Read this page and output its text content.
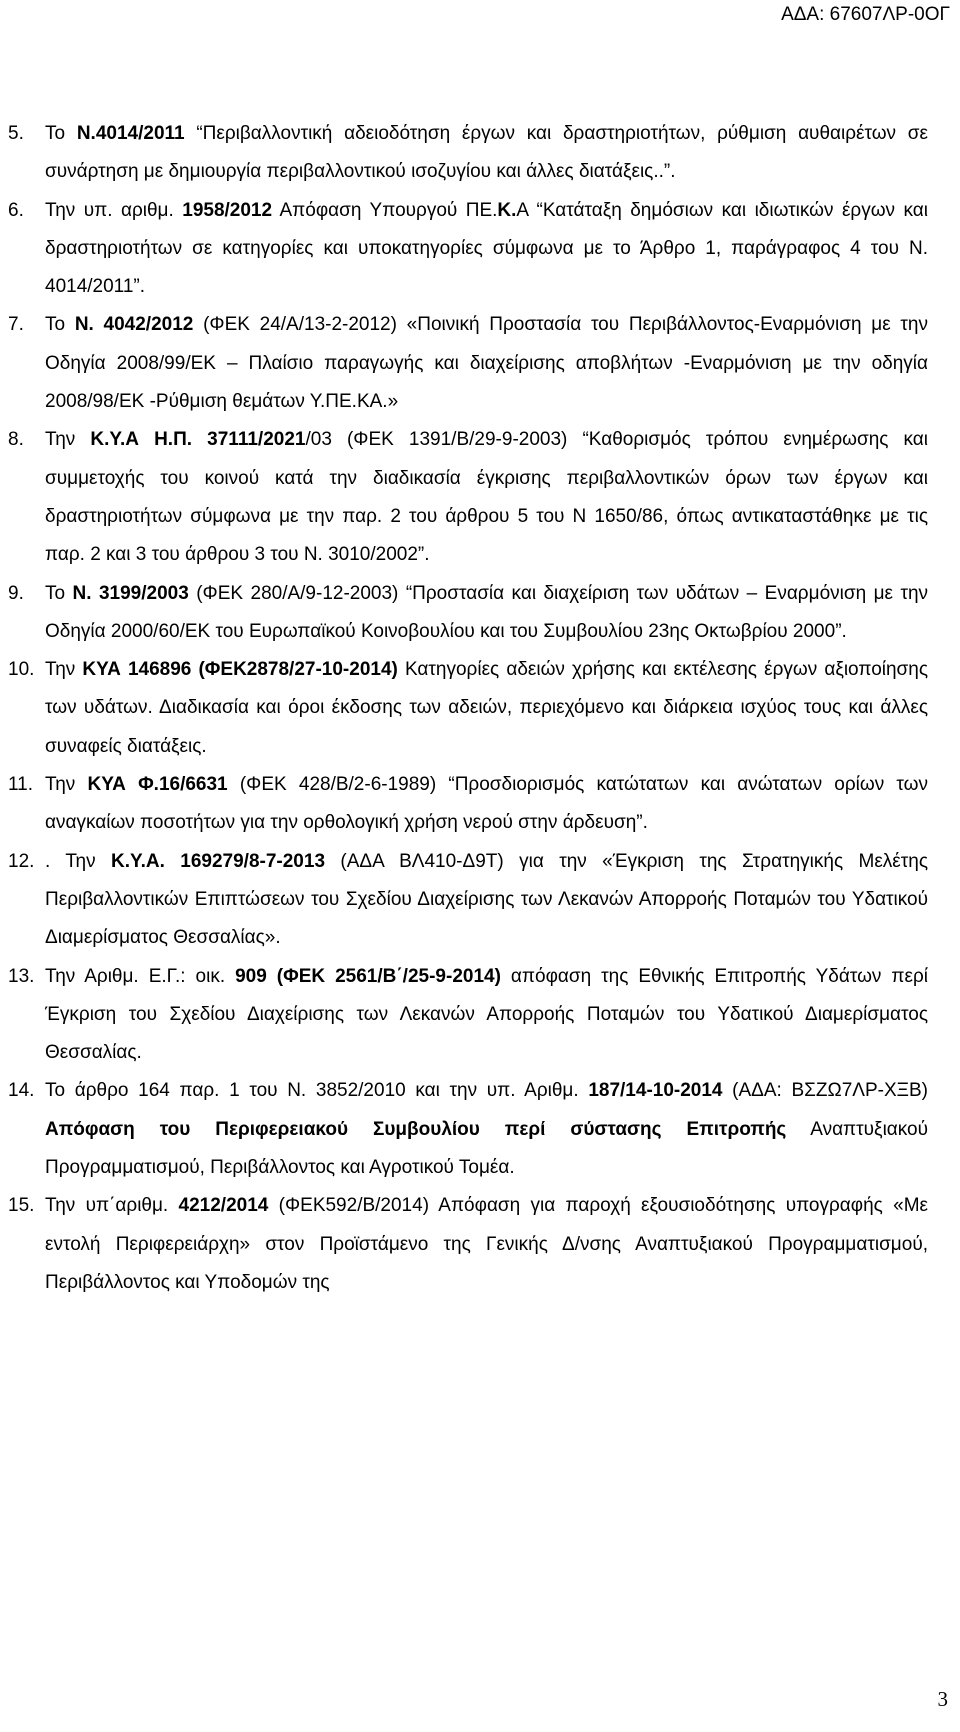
ΑΔΑ: 67607ΛΡ-0ΟΓ

5. Το Ν.4014/2011 “Περιβαλλοντική αδειοδότηση έργων και δραστηριοτήτων, ρύθμιση αυθαιρέτων σε συνάρτηση με δημιουργία περιβαλλοντικού ισοζυγίου και άλλες διατάξεις..”.

6. Την υπ. αριθμ. 1958/2012 Απόφαση Υπουργού ΠΕ.Κ.Α “Κατάταξη δημόσιων και ιδιωτικών έργων και δραστηριοτήτων σε κατηγορίες και υποκατηγορίες σύμφωνα με το Άρθρο 1, παράγραφος 4 του Ν. 4014/2011”.

7. Το Ν. 4042/2012 (ΦΕΚ 24/Α/13-2-2012) «Ποινική Προστασία του Περιβάλλοντος-Εναρμόνιση με την Οδηγία 2008/99/ΕΚ – Πλαίσιο παραγωγής και διαχείρισης αποβλήτων -Εναρμόνιση με την οδηγία 2008/98/ΕΚ -Ρύθμιση θεμάτων Υ.ΠΕ.ΚΑ.»

8. Την Κ.Υ.Α Η.Π. 37111/2021/03 (ΦΕΚ 1391/Β/29-9-2003) “Καθορισμός τρόπου ενημέρωσης και συμμετοχής του κοινού κατά την διαδικασία έγκρισης περιβαλλοντικών όρων των έργων και δραστηριοτήτων σύμφωνα με την παρ. 2 του άρθρου 5 του Ν 1650/86, όπως αντικαταστάθηκε με τις παρ. 2 και 3 του άρθρου 3 του Ν. 3010/2002”.

9. Το Ν. 3199/2003 (ΦΕΚ 280/Α/9-12-2003) “Προστασία και διαχείριση των υδάτων – Εναρμόνιση με την Οδηγία 2000/60/ΕΚ του Ευρωπαϊκού Κοινοβουλίου και του Συμβουλίου 23ης Οκτωβρίου 2000”.

10. Την ΚΥΑ 146896 (ΦΕΚ2878/27-10-2014) Κατηγορίες αδειών χρήσης και εκτέλεσης έργων αξιοποίησης των υδάτων. Διαδικασία και όροι έκδοσης των αδειών, περιεχόμενο και διάρκεια ισχύος τους και άλλες συναφείς διατάξεις.

11. Την ΚΥΑ Φ.16/6631 (ΦΕΚ 428/Β/2-6-1989) “Προσδιορισμός κατώτατων και ανώτατων ορίων των αναγκαίων ποσοτήτων για την ορθολογική χρήση νερού στην άρδευση”.

12. . Την Κ.Υ.Α. 169279/8-7-2013 (ΑΔΑ ΒΛ410-Δ9Τ) για την «Έγκριση της Στρατηγικής Μελέτης Περιβαλλοντικών Επιπτώσεων του Σχεδίου Διαχείρισης των Λεκανών Απορροής Ποταμών του Υδατικού Διαμερίσματος Θεσσαλίας».

13. Την Αριθμ. Ε.Γ.: οικ. 909 (ΦΕΚ 2561/Β΄/25-9-2014) απόφαση της Εθνικής Επιτροπής Υδάτων περί Έγκριση του Σχεδίου Διαχείρισης των Λεκανών Απορροής Ποταμών του Υδατικού Διαμερίσματος Θεσσαλίας.

14. Το άρθρο 164 παρ. 1 του Ν. 3852/2010 και την υπ. Αριθμ. 187/14-10-2014 (ΑΔΑ: ΒΣΖΩ7ΛΡ-ΧΞΒ) Απόφαση του Περιφερειακού Συμβουλίου περί σύστασης Επιτροπής Αναπτυξιακού Προγραμματισμού, Περιβάλλοντος και Αγροτικού Τομέα.

15. Την υπ΄αριθμ. 4212/2014 (ΦΕΚ592/Β/2014) Απόφαση για παροχή εξουσιοδότησης υπογραφής «Με εντολή Περιφερειάρχη» στον Προϊστάμενο της Γενικής Δ/νσης Αναπτυξιακού Προγραμματισμού, Περιβάλλοντος και Υποδομών της

3
